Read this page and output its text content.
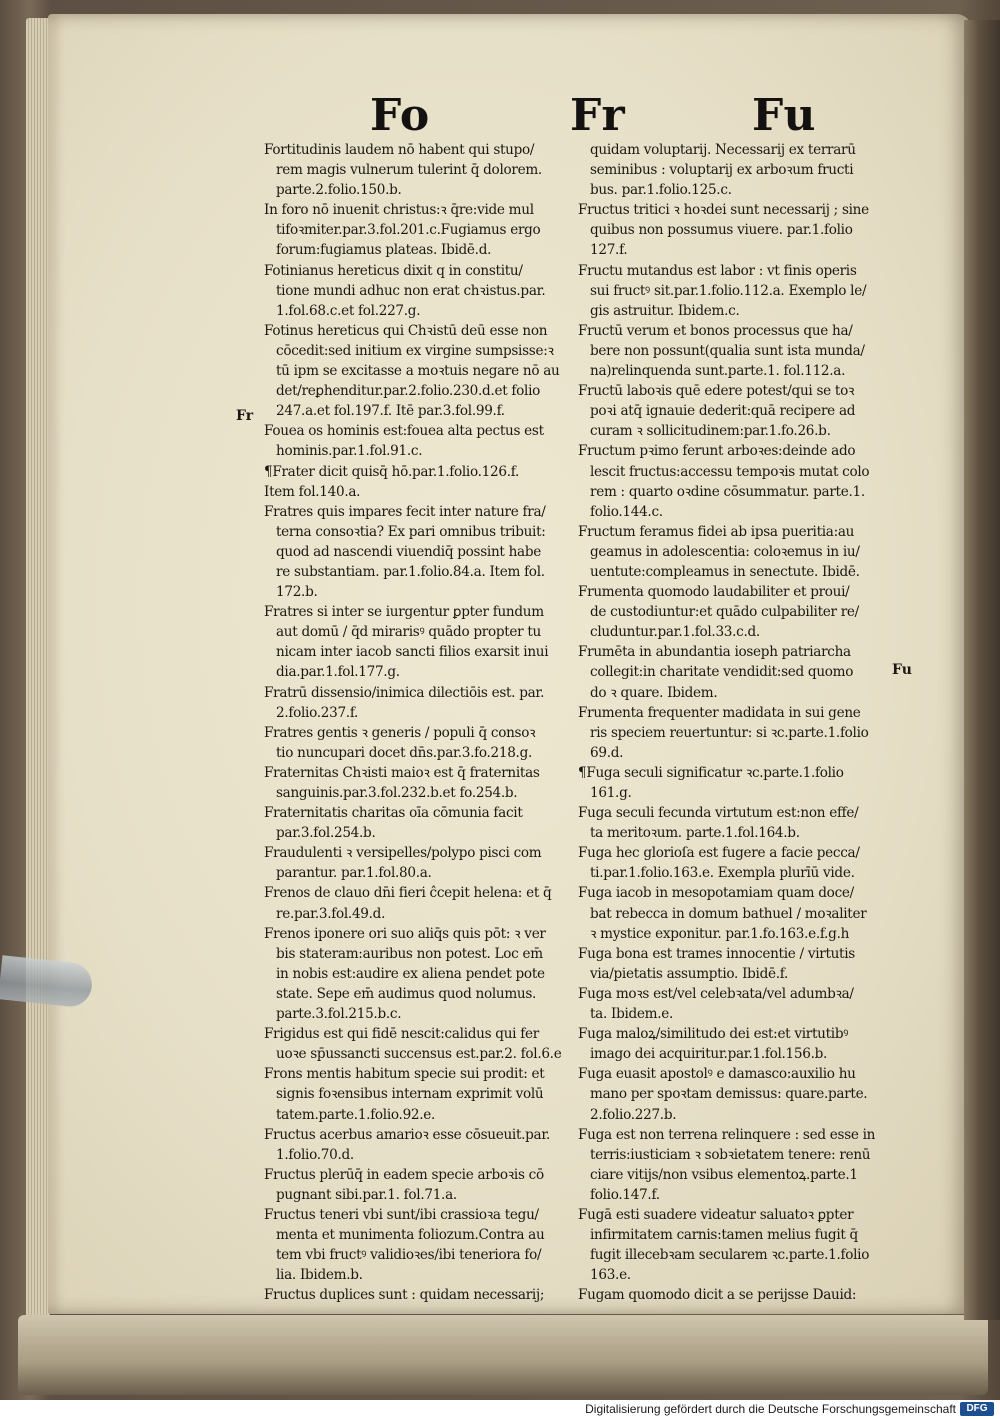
Fo	Fr	Fu
Fr
Fu

Fortitudinis laudem nō habent qui stupo/

rem magis vulnerum tulerint q̄ dolorem.

parte.2.folio.150.b.

In foro nō inuenit christus:ꝛ q̄re:vide mul

tifoꝛmiter.par.3.fol.201.c.Fugiamus ergo

forum:fugiamus plateas. Ibidē.d.

Fotinianus hereticus dixit q in constitu/

tione mundi adhuc non erat chꝛistus.par.

1.fol.68.c.et fol.227.g.

Fotinus hereticus qui Chꝛistū deū esse non

cōcedit:sed initium ex virgine sumpsisse:ꝛ

tū ipm se excitasse a moꝛtuis negare nō au

det/reꝑhenditur.par.2.folio.230.d.et folio

247.a.et fol.197.f. Itē par.3.fol.99.f.

Fouea os hominis est:fouea alta pectus est

hominis.par.1.fol.91.c.

¶Frater dicit quisq̄ hō.par.1.folio.126.f.

Item fol.140.a.

Fratres quis impares fecit inter nature fra/

terna consoꝛtia? Ex pari omnibus tribuit:

quod ad nascendi viuendiq̄ possint habe

re substantiam. par.1.folio.84.a. Item fol.

172.b.

Fratres si inter se iurgentur ꝑpter fundum

aut domū / q̄d mirarisꝰ quādo propter tu

nicam inter iacob sancti filios exarsit inui

dia.par.1.fol.177.g.

Fratrū dissensio/inimica dilectiōis est. par.

2.folio.237.f.

Fratres gentis ꝛ generis / populi q̄ consoꝛ

tio nuncupari docet dn̄s.par.3.fo.218.g.

Fraternitas Chꝛisti maioꝛ est q̄ fraternitas

sanguinis.par.3.fol.232.b.et fo.254.b.

Fraternitatis charitas oīa cōmunia facit

par.3.fol.254.b.

Fraudulenti ꝛ versipelles/polypo pisci com

parantur. par.1.fol.80.a.

Frenos de clauo dn̄i fieri ĉcepit helena: et q̄

re.par.3.fol.49.d.

Frenos iponere ori suo aliq̄s quis pōt: ꝛ ver

bis stateram:auribus non potest. Loc em̄

in nobis est:audire ex aliena pendet pote

state. Sepe em̄ audimus quod nolumus.

parte.3.fol.215.b.c.

Frigidus est qui fidē nescit:calidus qui fer

uoꝛe sp̄ussancti succensus est.par.2. fol.6.e

Frons mentis habitum specie sui prodit: et

signis foꝛensibus internam exprimit volū

tatem.parte.1.folio.92.e.

Fructus acerbus amarioꝛ esse cōsueuit.par.

1.folio.70.d.

Fructus plerūq̄ in eadem specie arboꝛis cō

pugnant sibi.par.1. fol.71.a.

Fructus teneri vbi sunt/ibi crassioꝛa tegu/

menta et munimenta foliozum.Contra au

tem vbi fructꝰ validioꝛes/ibi teneriora fo/

lia. Ibidem.b.

Fructus duplices sunt : quidam necessarij;

quidam voluptarij. Necessarij ex terrarū

seminibus : voluptarij ex arboꝛum fructi

bus. par.1.folio.125.c.

Fructus tritici ꝛ hoꝛdei sunt necessarij ; sine

quibus non possumus viuere. par.1.folio

127.f.

Fructu mutandus est labor : vt finis operis

sui fructꝰ sit.par.1.folio.112.a. Exemplo le/

gis astruitur. Ibidem.c.

Fructū verum et bonos processus que ha/

bere non possunt(qualia sunt ista munda/

na)relinquenda sunt.parte.1. fol.112.a.

Fructū laboꝛis quē edere potest/qui se toꝛ

poꝛi atq̄ ignauie dederit:quā recipere ad

curam ꝛ sollicitudinem:par.1.fo.26.b.

Fructum pꝛimo ferunt arboꝛes:deinde ado

lescit fructus:accessu tempoꝛis mutat colo

rem : quarto oꝛdine cōsummatur. parte.1.

folio.144.c.

Fructum feramus fidei ab ipsa pueritia:au

geamus in adolescentia: coloꝛemus in iu/

uentute:compleamus in senectute. Ibidē.

Frumenta quomodo laudabiliter et proui/

de custodiuntur:et quādo culpabiliter re/

cluduntur.par.1.fol.33.c.d.

Frumēta in abundantia ioseph patriarcha

collegit:in charitate vendidit:sed quomo

do ꝛ quare. Ibidem.

Frumenta frequenter madidata in sui gene

ris speciem reuertuntur: si ꝛc.parte.1.folio

69.d.

¶Fuga seculi significatur ꝛc.parte.1.folio

161.g.

Fuga seculi fecunda virtutum est:non effe/

ta meritoꝛum. parte.1.fol.164.b.

Fuga hec glorioſa est fugere a facie pecca/

ti.par.1.folio.163.e. Exempla plurīū vide.

Fuga iacob in mesopotamiam quam doce/

bat rebecca in domum bathuel / moꝛaliter

ꝛ mystice exponitur. par.1.fo.163.e.f.g.h

Fuga bona est trames innocentie / virtutis

via/pietatis assumptio. Ibidē.f.

Fuga moꝛs est/vel celebꝛata/vel adumbꝛa/

ta. Ibidem.e.

Fuga maloꝝ/similitudo dei est:et virtutibꝰ

imago dei acquiritur.par.1.fol.156.b.

Fuga euasit apostolꝰ e damasco:auxilio hu

mano per spoꝛtam demissus: quare.parte.

2.folio.227.b.

Fuga est non terrena relinquere : sed esse in

terris:iusticiam ꝛ sobꝛietatem tenere: renū

ciare vitijs/non vsibus elementoꝝ.parte.1

folio.147.f.

Fugā esti suadere videatur saluatoꝛ ꝑpter

infirmitatem carnis:tamen melius fugit q̄

fugit illecebꝛam secularem ꝛc.parte.1.folio

163.e.

Fugam quomodo dicit a se perijsse Dauid:

Digitalisierung gefördert durch die Deutsche Forschungsgemeinschaft	DFG
